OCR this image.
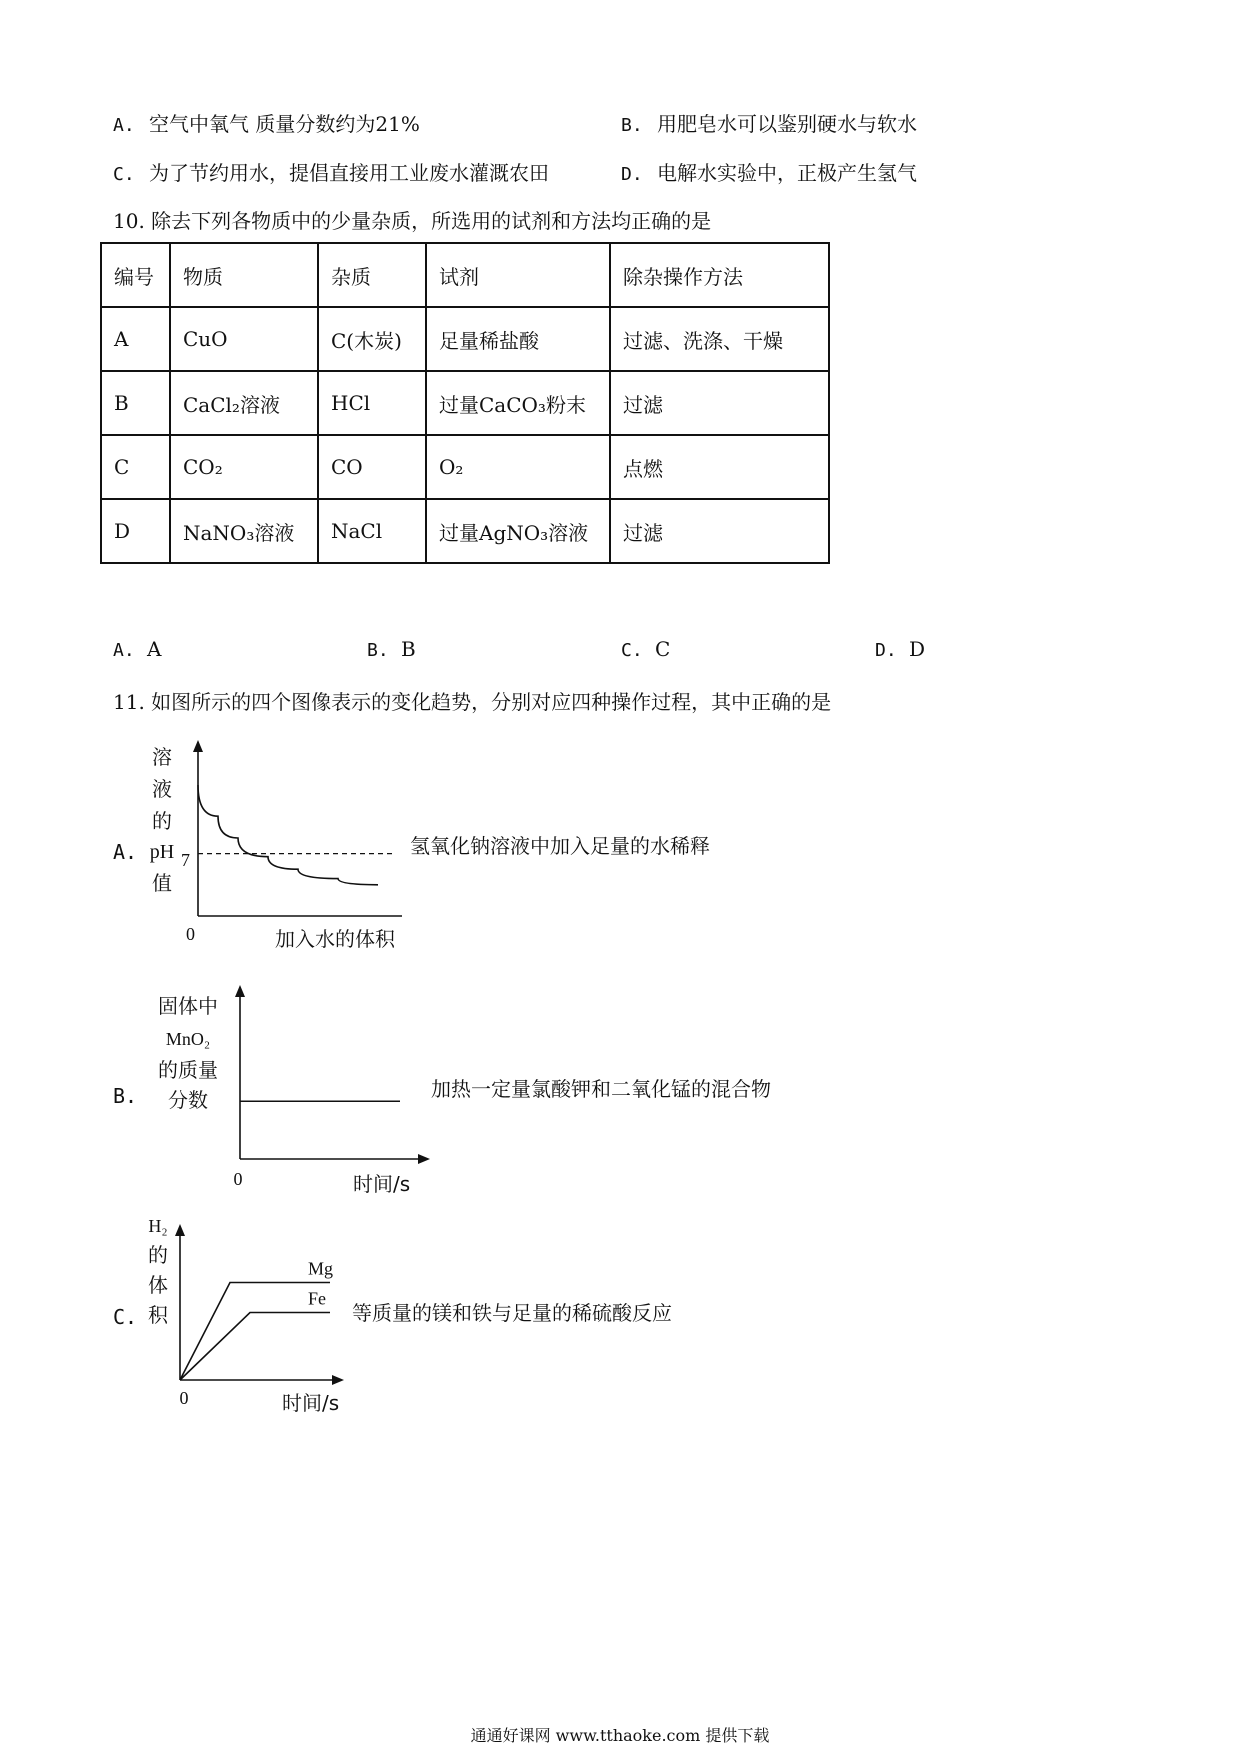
A. 空气中氧气 质量分数约为21%	B. 用肥皂水可以鉴别硬水与软水
C. 为了节约用水，提倡直接用工业废水灌溉农田	D. 电解水实验中，正极产生氢气
10. 除去下列各物质中的少量杂质，所选用的试剂和方法均正确的是
编号	物质	杂质	试剂	除杂操作方法
A	CuO	C(木炭)	足量稀盐酸	过滤、洗涤、干燥
B	CaCl₂溶液	HCl	过量CaCO₃粉末	过滤
C	CO₂	CO	O₂	点燃
D	NaNO₃溶液	NaCl	过量AgNO₃溶液	过滤
A. A	B. B	C. C	D. D
11. 如图所示的四个图像表示的变化趋势，分别对应四种操作过程，其中正确的是
A.
溶
液
的
pH
值
0	加入水的体积
7
氢氧化钠溶液中加入足量的水稀释
B.
固体中
MnO₂
的质量
分数
0	时间/s
加热一定量氯酸钾和二氧化锰的混合物
C.
H₂
的
体
积
0	时间/s
Mg
Fe
等质量的镁和铁与足量的稀硫酸反应
通通好课网 www.tthaoke.com 提供下载
